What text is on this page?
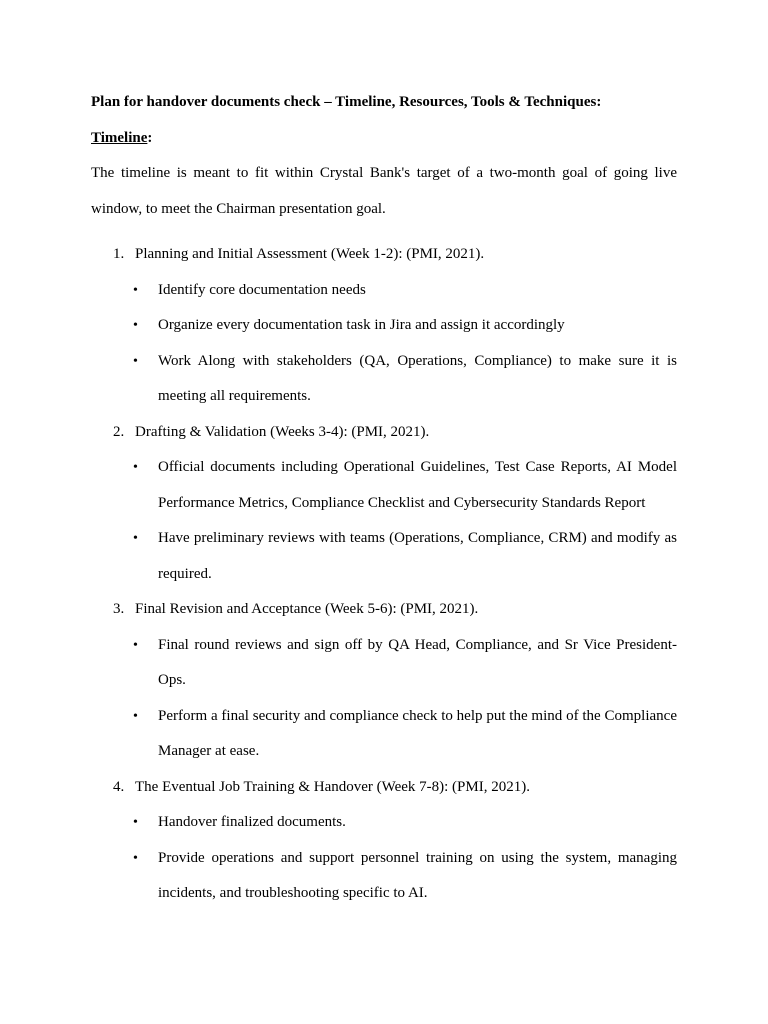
Plan for handover documents check – Timeline, Resources, Tools & Techniques:

Timeline:

The timeline is meant to fit within Crystal Bank's target of a two-month goal of going live window, to meet the Chairman presentation goal.

1. Planning and Initial Assessment (Week 1-2): (PMI, 2021).
• Identify core documentation needs
• Organize every documentation task in Jira and assign it accordingly
• Work Along with stakeholders (QA, Operations, Compliance) to make sure it is meeting all requirements.
2. Drafting & Validation (Weeks 3-4): (PMI, 2021).
• Official documents including Operational Guidelines, Test Case Reports, AI Model Performance Metrics, Compliance Checklist and Cybersecurity Standards Report
• Have preliminary reviews with teams (Operations, Compliance, CRM) and modify as required.
3. Final Revision and Acceptance (Week 5-6): (PMI, 2021).
• Final round reviews and sign off by QA Head, Compliance, and Sr Vice President-Ops.
• Perform a final security and compliance check to help put the mind of the Compliance Manager at ease.
4. The Eventual Job Training & Handover (Week 7-8): (PMI, 2021).
• Handover finalized documents.
• Provide operations and support personnel training on using the system, managing incidents, and troubleshooting specific to AI.
